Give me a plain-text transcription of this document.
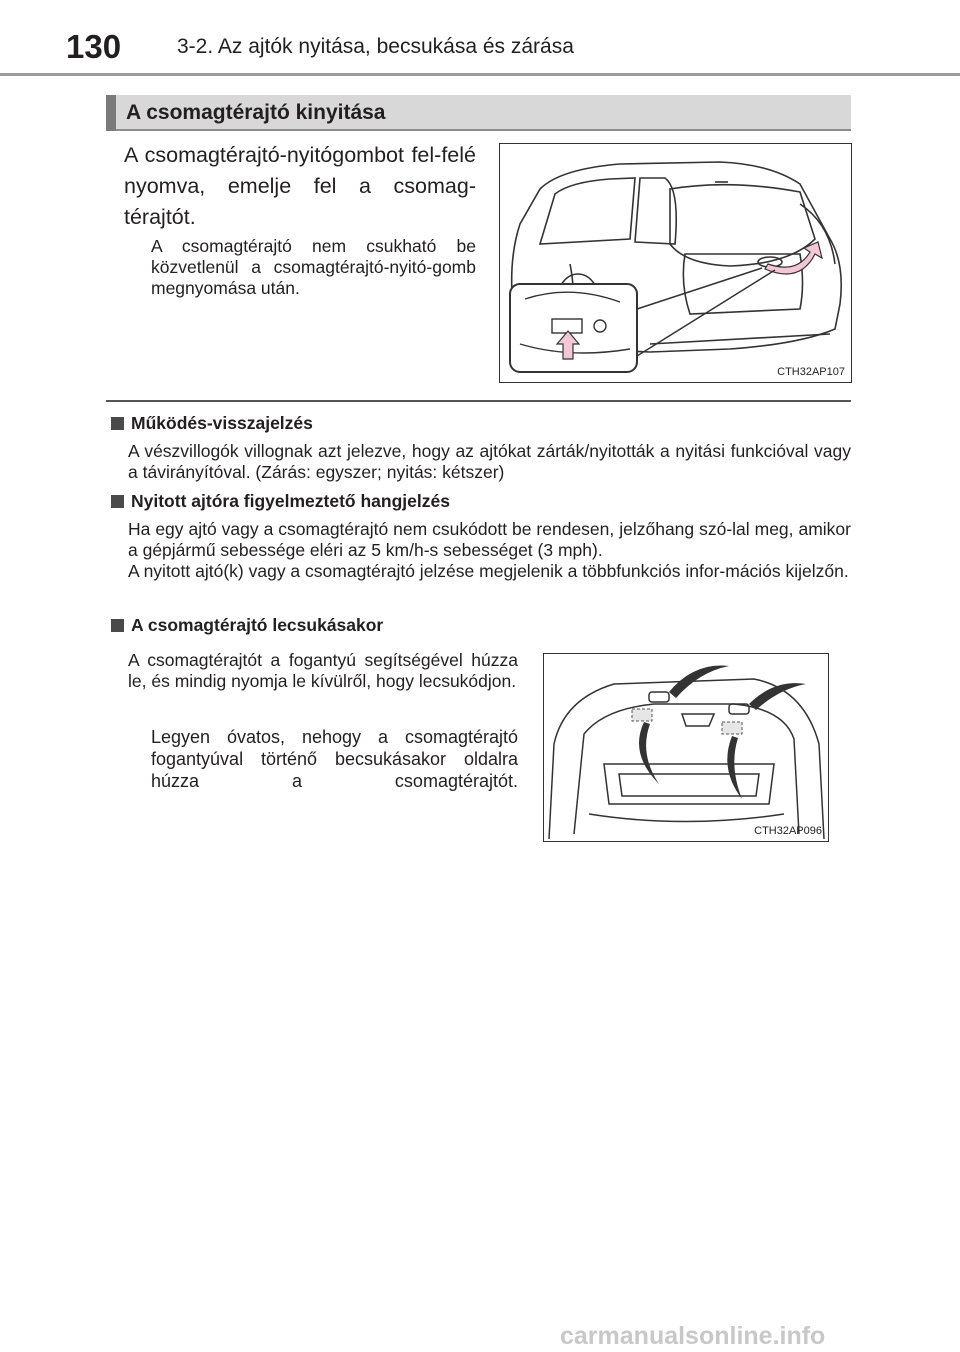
130	3-2. Az ajtók nyitása, becsukása és zárása
A csomagtérajtó kinyitása
A csomagtérajtó-nyitógombot fel-felé nyomva, emelje fel a csomag-térajtót.
A csomagtérajtó nem csukható be közvetlenül a csomagtérajtó-nyitó-gomb megnyomása után.
CTH32AP107
Működés-visszajelzés
A vészvillogók villognak azt jelezve, hogy az ajtókat zárták/nyitották a nyitási funkcióval vagy a távirányítóval. (Zárás: egyszer; nyitás: kétszer)
Nyitott ajtóra figyelmeztető hangjelzés
Ha egy ajtó vagy a csomagtérajtó nem csukódott be rendesen, jelzőhang szó-lal meg, amikor a gépjármű sebessége eléri az 5 km/h-s sebességet (3 mph).
A nyitott ajtó(k) vagy a csomagtérajtó jelzése megjelenik a többfunkciós infor-mációs kijelzőn.
A csomagtérajtó lecsukásakor
A csomagtérajtót a fogantyú segítségével húzza le, és mindig nyomja le kívülről, hogy lecsukódjon.
Legyen óvatos, nehogy a csomagtérajtó fogantyúval történő becsukásakor oldalra húzza a csomagtérajtót.
CTH32AP096
carmanualsonline.info
